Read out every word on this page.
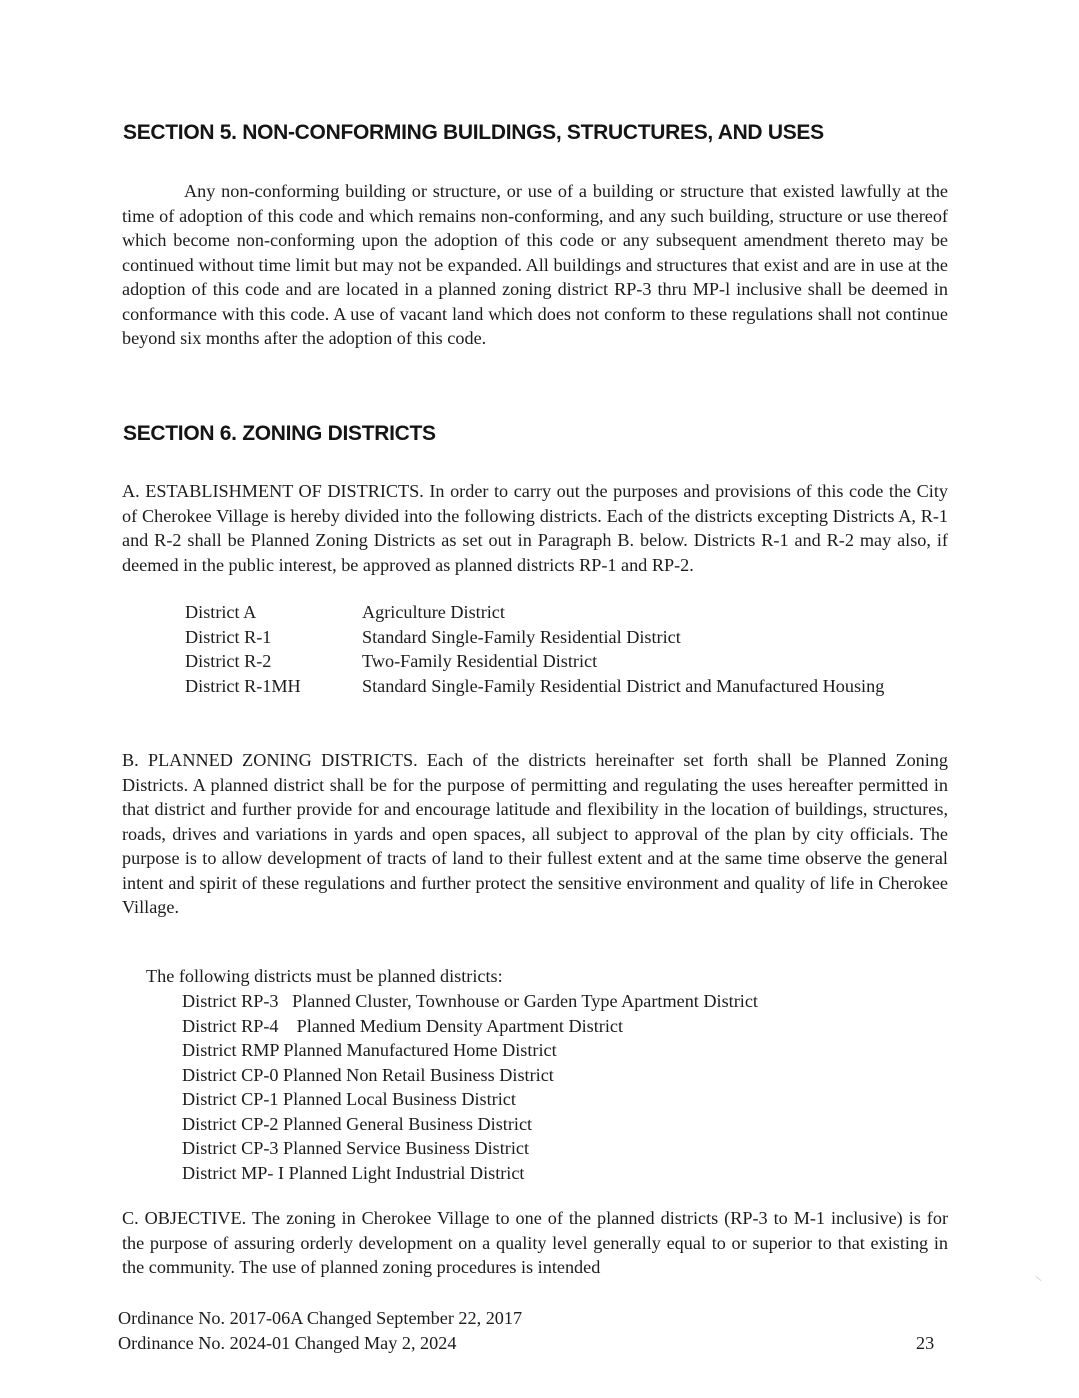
SECTION 5. NON-CONFORMING BUILDINGS, STRUCTURES, AND USES
Any non-conforming building or structure, or use of a building or structure that existed lawfully at the time of adoption of this code and which remains non-conforming, and any such building, structure or use thereof which become non-conforming upon the adoption of this code or any subsequent amendment thereto may be continued without time limit but may not be expanded. All buildings and structures that exist and are in use at the adoption of this code and are located in a planned zoning district RP-3 thru MP-l inclusive shall be deemed in conformance with this code. A use of vacant land which does not conform to these regulations shall not continue beyond six months after the adoption of this code.
SECTION 6. ZONING DISTRICTS
A. ESTABLISHMENT OF DISTRICTS. In order to carry out the purposes and provisions of this code the City of Cherokee Village is hereby divided into the following districts. Each of the districts excepting Districts A, R-1 and R-2 shall be Planned Zoning Districts as set out in Paragraph B. below. Districts R-1 and R-2 may also, if deemed in the public interest, be approved as planned districts RP-1 and RP-2.
District A	Agriculture District
District R-1	Standard Single-Family Residential District
District R-2	Two-Family Residential District
District R-1MH	Standard Single-Family Residential District and Manufactured Housing
B. PLANNED ZONING DISTRICTS. Each of the districts hereinafter set forth shall be Planned Zoning Districts. A planned district shall be for the purpose of permitting and regulating the uses hereafter permitted in that district and further provide for and encourage latitude and flexibility in the location of buildings, structures, roads, drives and variations in yards and open spaces, all subject to approval of the plan by city officials. The purpose is to allow development of tracts of land to their fullest extent and at the same time observe the general intent and spirit of these regulations and further protect the sensitive environment and quality of life in Cherokee Village.
The following districts must be planned districts:
District RP-3   Planned Cluster, Townhouse or Garden Type Apartment District
District RP-4    Planned Medium Density Apartment District
District RMP Planned Manufactured Home District
District CP-0 Planned Non Retail Business District
District CP-1 Planned Local Business District
District CP-2 Planned General Business District
District CP-3 Planned Service Business District
District MP- I Planned Light Industrial District
C. OBJECTIVE. The zoning in Cherokee Village to one of the planned districts (RP-3 to M-1 inclusive) is for the purpose of assuring orderly development on a quality level generally equal to or superior to that existing in the community. The use of planned zoning procedures is intended
Ordinance No. 2017-06A Changed September 22, 2017
Ordinance No. 2024-01 Changed May 2, 2024	23
